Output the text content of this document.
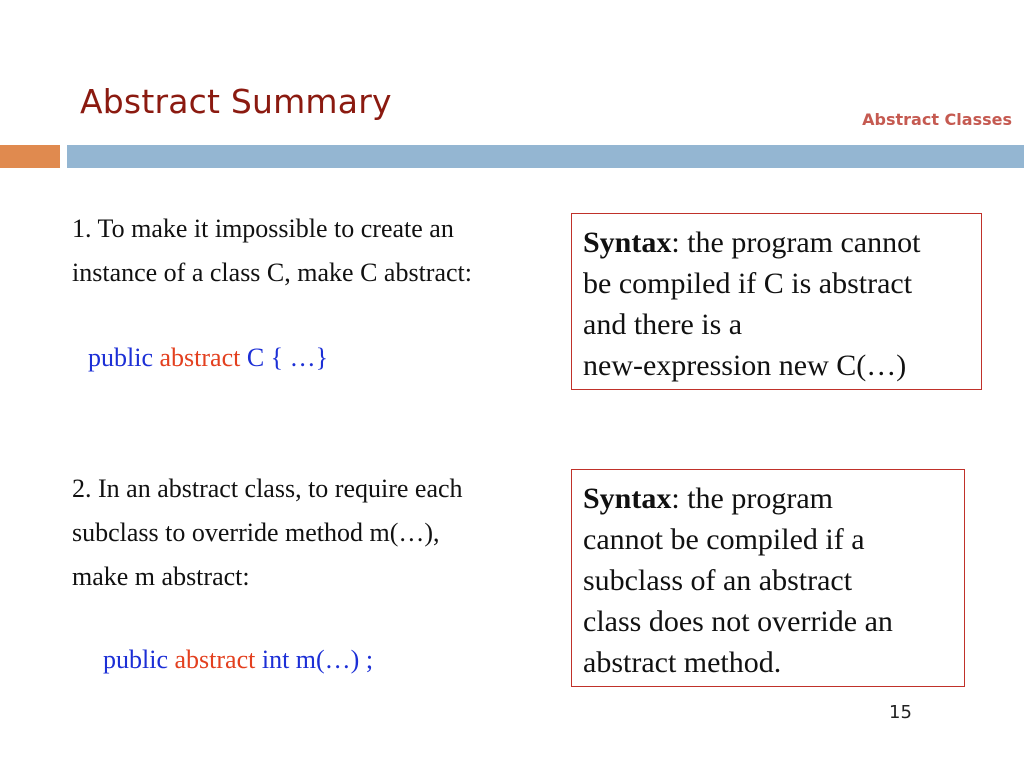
Abstract Summary	Abstract Classes
1. To make it impossible to create an
instance of a class C, make C abstract:
public abstract C { …}
2. In an abstract class, to require each
subclass to override method m(…),
make m abstract:
public abstract int m(…) ;
Syntax: the program cannot
be compiled if C is abstract
and there is a
new-expression new C(…)
Syntax: the program
cannot be compiled if a
subclass of an abstract
class does not override an
abstract method.
15
